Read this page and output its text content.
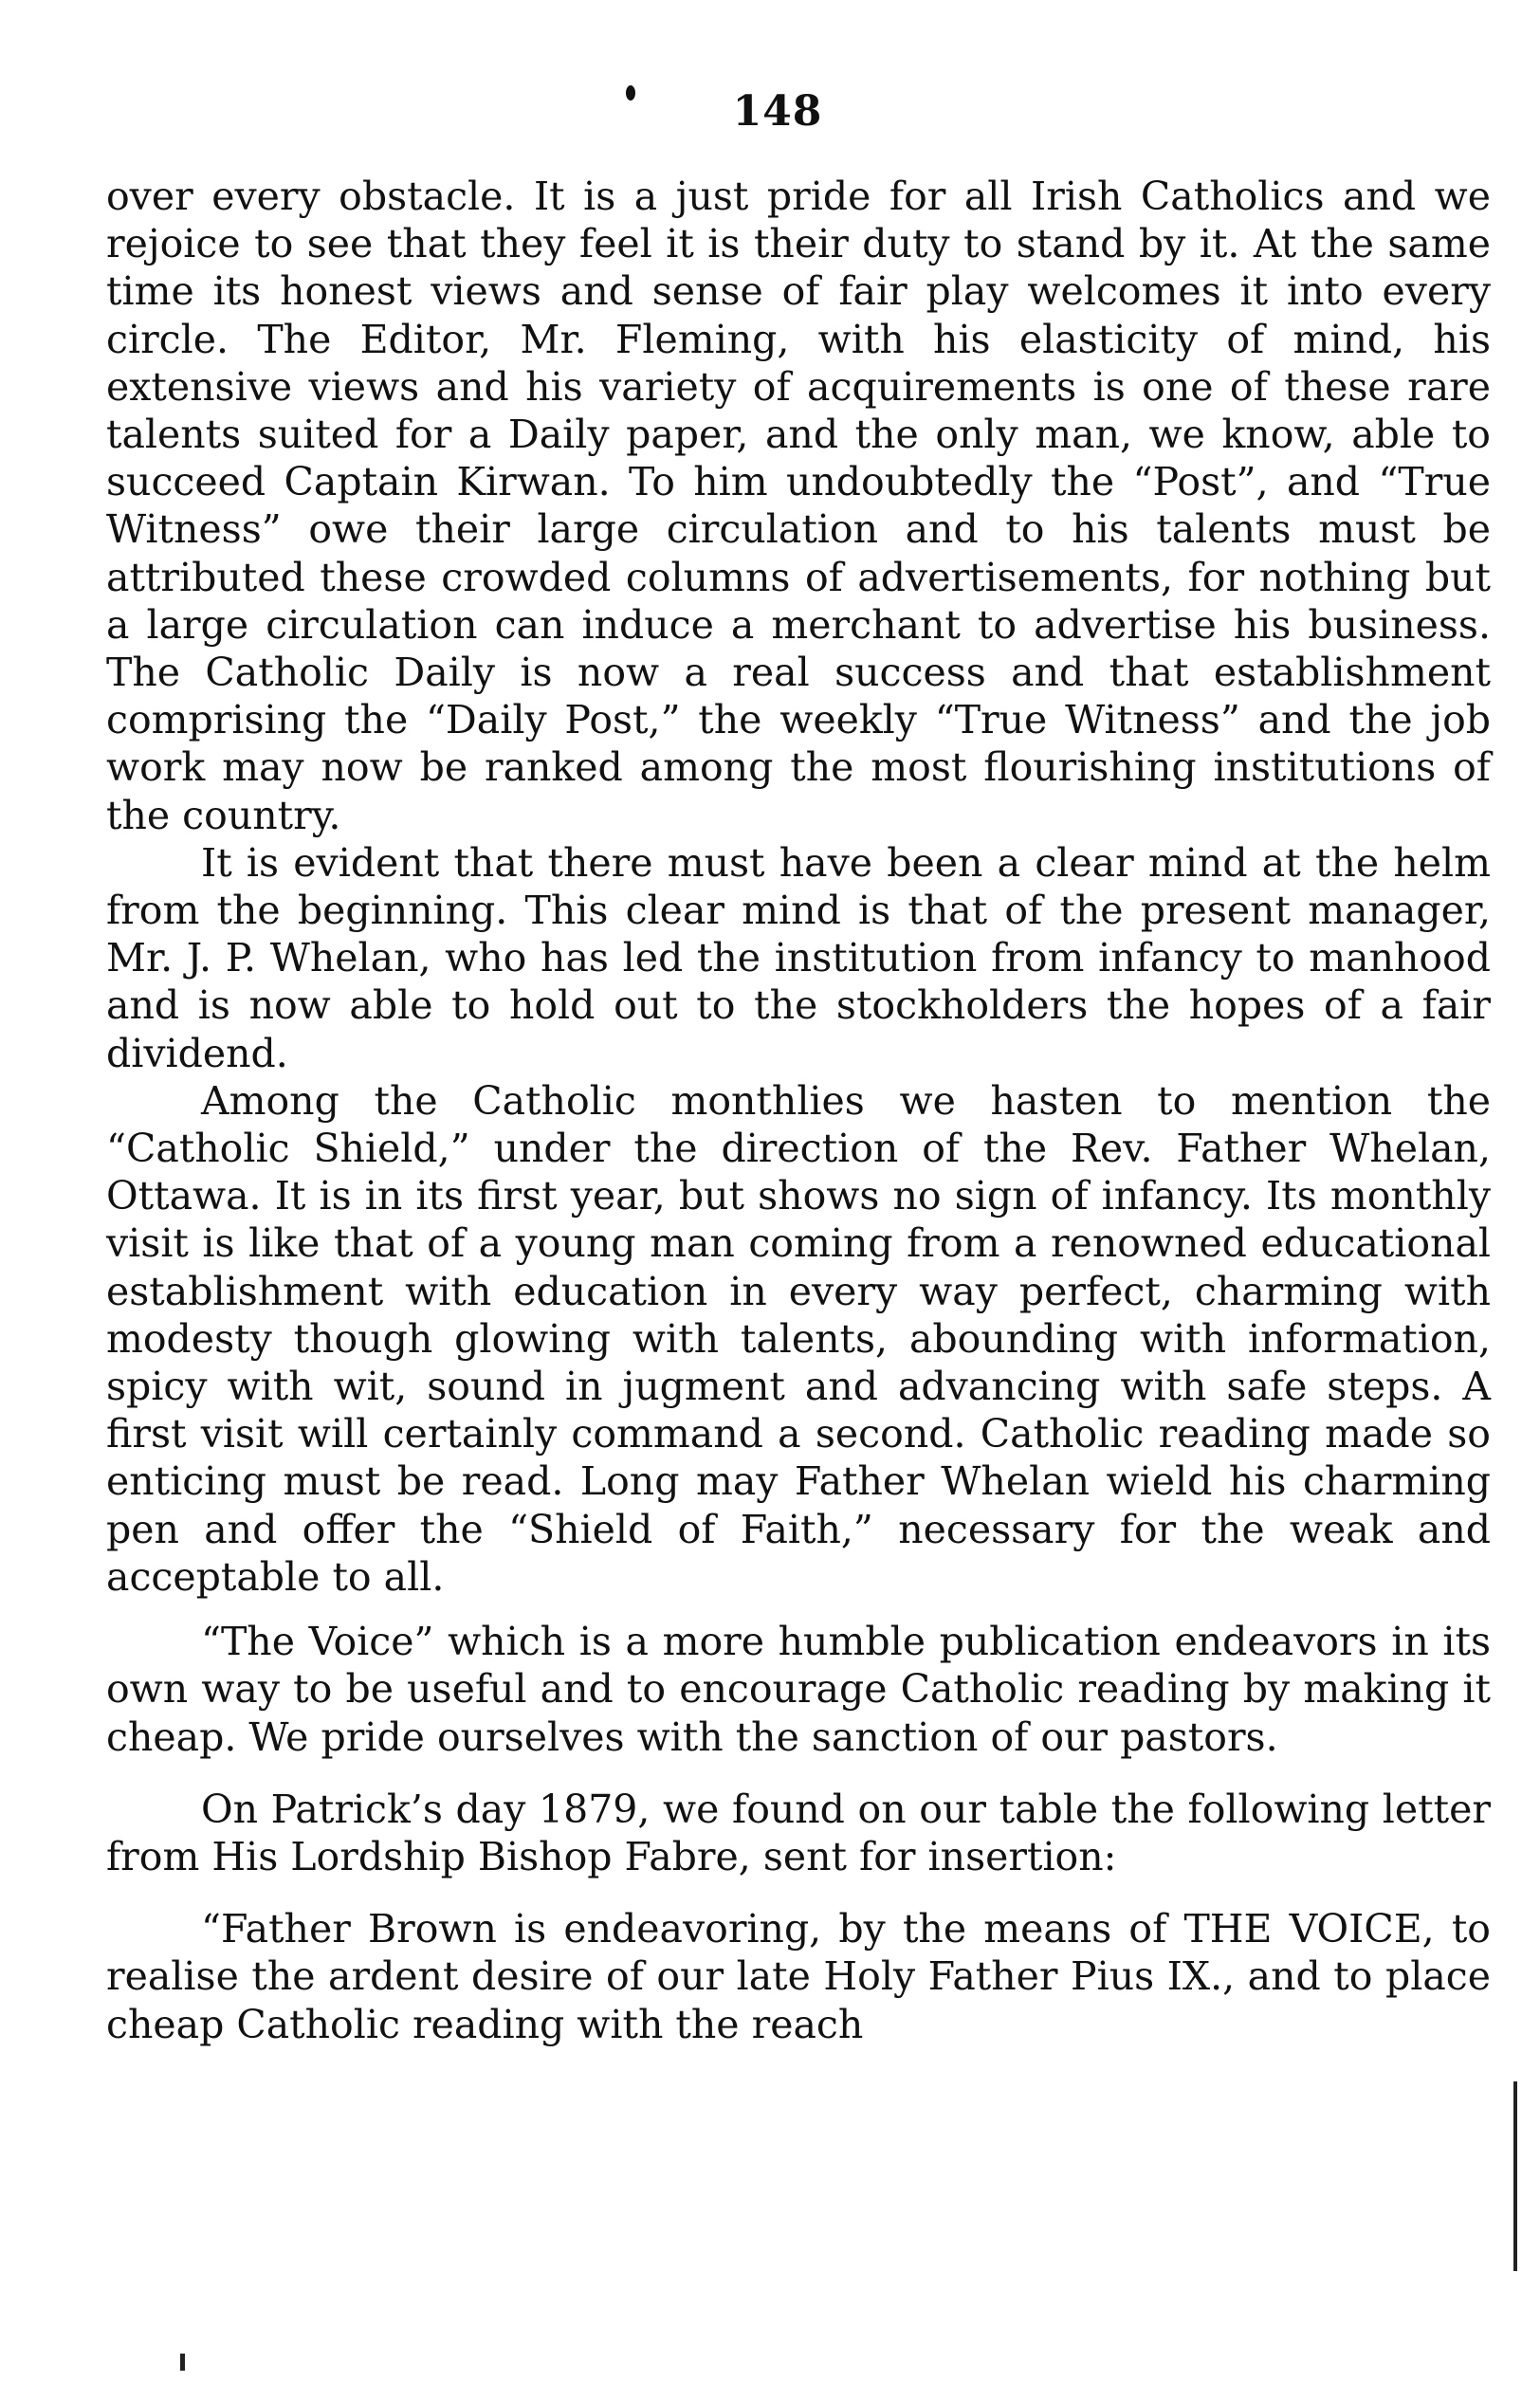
148

over every obstacle. It is a just pride for all Irish Catholics and we rejoice to see that they feel it is their duty to stand by it. At the same time its honest views and sense of fair play welcomes it into every circle. The Editor, Mr. Fleming, with his elasticity of mind, his extensive views and his variety of acquirements is one of these rare talents suited for a Daily paper, and the only man, we know, able to succeed Captain Kirwan. To him undoubtedly the “Post”, and “True Witness” owe their large circulation and to his talents must be attributed these crowded columns of advertisements, for nothing but a large circulation can induce a merchant to advertise his business. The Catholic Daily is now a real success and that establishment comprising the “Daily Post,” the weekly “True Witness” and the job work may now be ranked among the most flourishing institutions of the country.

It is evident that there must have been a clear mind at the helm from the beginning. This clear mind is that of the present manager, Mr. J. P. Whelan, who has led the institution from infancy to manhood and is now able to hold out to the stockholders the hopes of a fair dividend.

Among the Catholic monthlies we hasten to mention the “Catholic Shield,” under the direction of the Rev. Father Whelan, Ottawa. It is in its first year, but shows no sign of infancy. Its monthly visit is like that of a young man coming from a renowned educational establishment with education in every way perfect, charming with modesty though glowing with talents, abounding with information, spicy with wit, sound in jugment and advancing with safe steps. A first visit will certainly command a second. Catholic reading made so enticing must be read. Long may Father Whelan wield his charming pen and offer the “Shield of Faith,” necessary for the weak and acceptable to all.

“The Voice” which is a more humble publication endeavors in its own way to be useful and to encourage Catholic reading by making it cheap. We pride ourselves with the sanction of our pastors.

On Patrick’s day 1879, we found on our table the following letter from His Lordship Bishop Fabre, sent for insertion:

“Father Brown is endeavoring, by the means of THE VOICE, to realise the ardent desire of our late Holy Father Pius IX., and to place cheap Catholic reading with the reach
